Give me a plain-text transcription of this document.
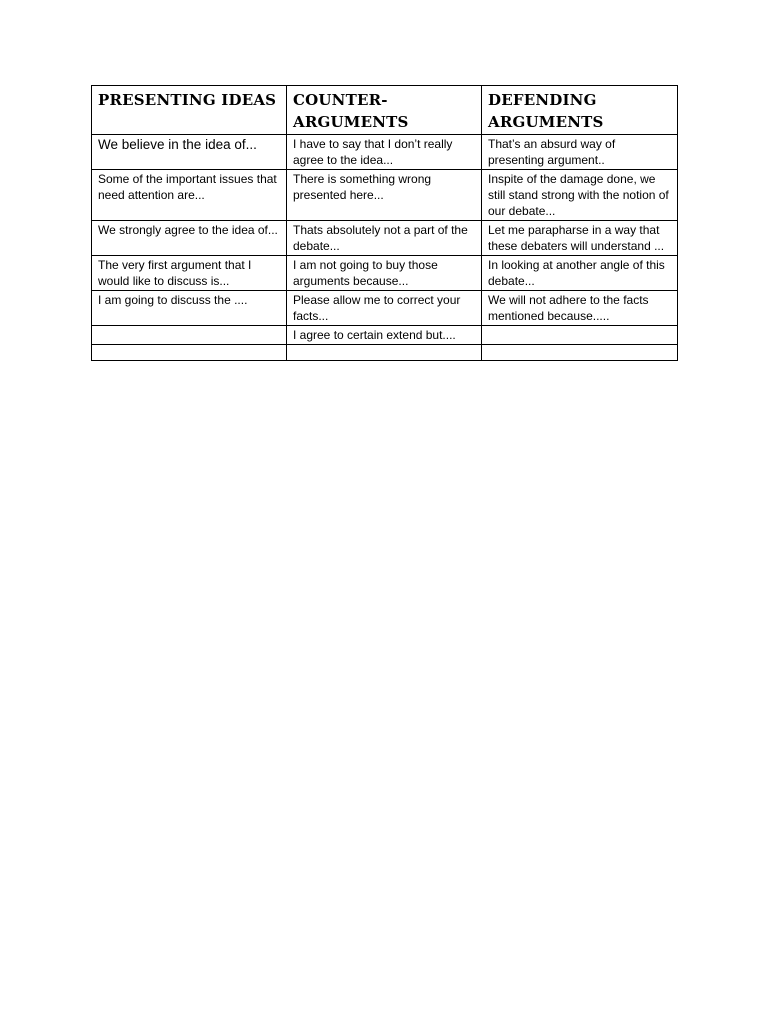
PRESENTING IDEAS	COUNTER-ARGUMENTS	DEFENDING ARGUMENTS
We believe in the idea of...	I have to say that I don’t really agree to the idea...	That’s an absurd way of presenting argument..
Some of the important issues that need attention are...	There is something wrong presented here...	Inspite of the damage done, we still stand strong with the notion of our debate...
We strongly agree to the idea of...	Thats absolutely not a part of the debate...	Let me parapharse in a way that these debaters will understand ...
The very first argument that I would like to discuss is...	I am not going to buy those arguments because...	In looking at another angle of this debate...
I am going to discuss the ....	Please allow me to correct your facts...	We will not adhere to the facts mentioned because.....
	I agree to certain extend but....	
